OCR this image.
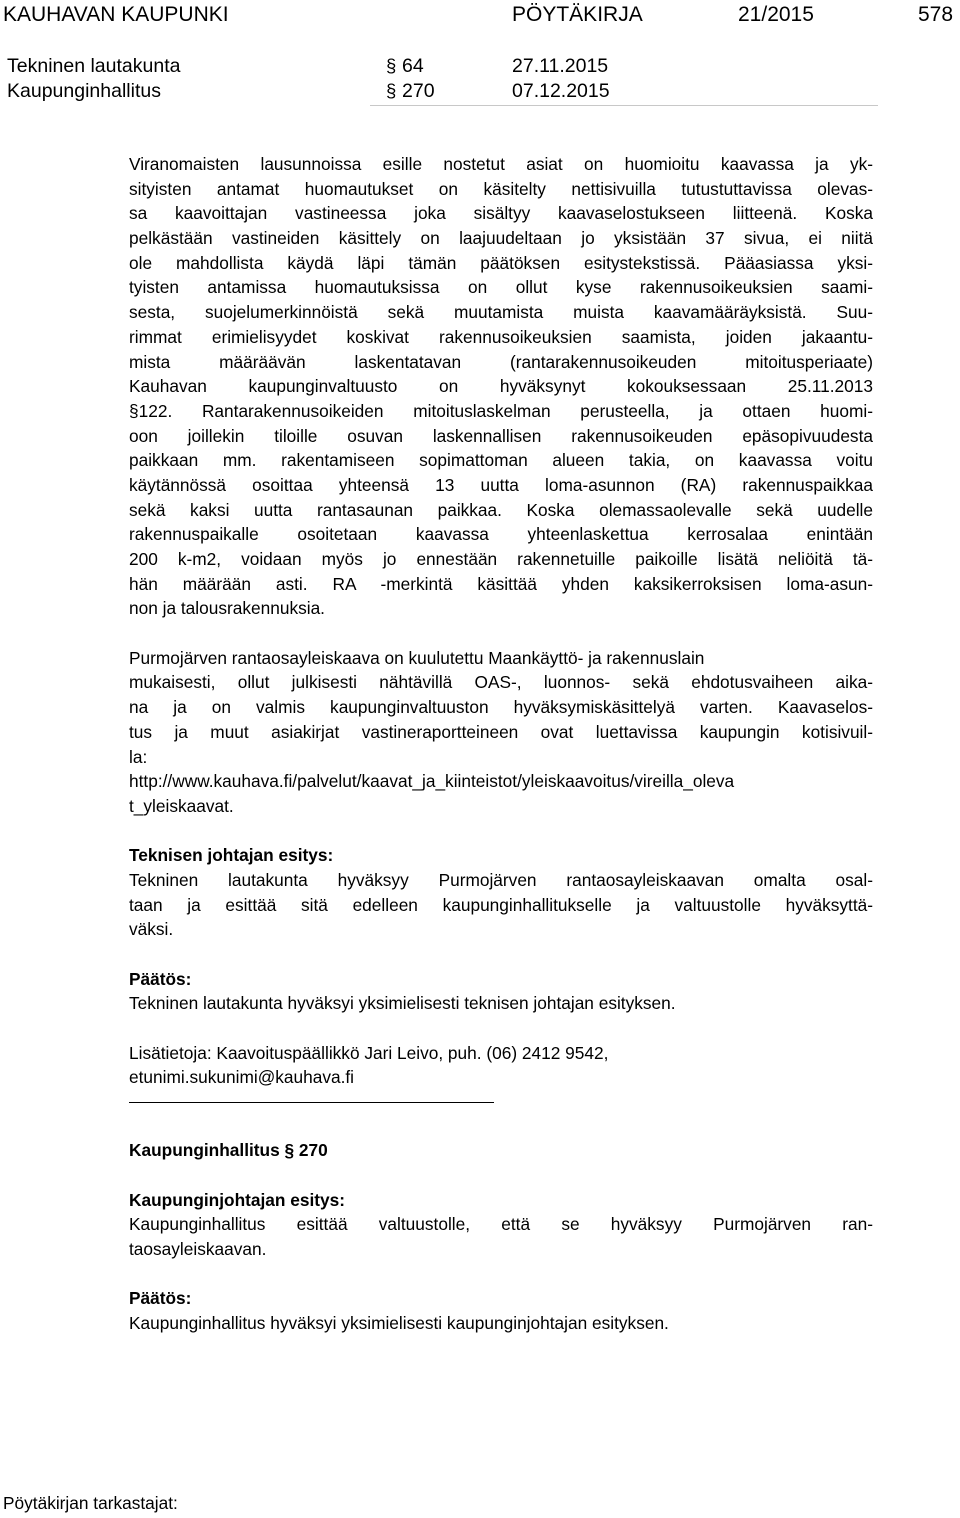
KAUHAVAN KAUPUNKI	PÖYTÄKIRJA	21/2015	578
Tekninen lautakunta	§ 64	27.11.2015
Kaupunginhallitus	§ 270	07.12.2015
Viranomaisten lausunnoissa esille nostetut asiat on huomioitu kaavassa ja yk-
sityisten antamat huomautukset on käsitelty nettisivuilla tutustuttavissa olevas-
sa kaavoittajan vastineessa joka sisältyy kaavaselostukseen liitteenä. Koska
pelkästään vastineiden käsittely on laajuudeltaan jo yksistään 37 sivua, ei niitä
ole mahdollista käydä läpi tämän päätöksen esitystekstissä. Pääasiassa yksi-
tyisten antamissa huomautuksissa on ollut kyse rakennusoikeuksien saami-
sesta, suojelumerkinnöistä sekä muutamista muista kaavamääräyksistä. Suu-
rimmat erimielisyydet koskivat rakennusoikeuksien saamista, joiden jakaantu-
mista määräävän laskentatavan (rantarakennusoikeuden mitoitusperiaate)
Kauhavan kaupunginvaltuusto on hyväksynyt kokouksessaan 25.11.2013
§122. Rantarakennusoikeiden mitoituslaskelman perusteella, ja ottaen huomi-
oon joillekin tiloille osuvan laskennallisen rakennusoikeuden epäsopivuudesta
paikkaan mm. rakentamiseen sopimattoman alueen takia, on kaavassa voitu
käytännössä osoittaa yhteensä 13 uutta loma-asunnon (RA) rakennuspaikkaa
sekä kaksi uutta rantasaunan paikkaa. Koska olemassaolevalle sekä uudelle
rakennuspaikalle osoitetaan kaavassa yhteenlaskettua kerrosalaa enintään
200 k-m2, voidaan myös jo ennestään rakennetuille paikoille lisätä neliöitä tä-
hän määrään asti. RA -merkintä käsittää yhden kaksikerroksisen loma-asun-
non ja talousrakennuksia.
Purmojärven rantaosayleiskaava on kuulutettu Maankäyttö- ja rakennuslain
mukaisesti, ollut julkisesti nähtävillä OAS-, luonnos- sekä ehdotusvaiheen aika-
na ja on valmis kaupunginvaltuuston hyväksymiskäsittelyä varten. Kaavaselos-
tus ja muut asiakirjat vastineraportteineen ovat luettavissa kaupungin kotisivuil-
la:
http://www.kauhava.fi/palvelut/kaavat_ja_kiinteistot/yleiskaavoitus/vireilla_oleva
t_yleiskaavat.
Teknisen johtajan esitys:
Tekninen lautakunta hyväksyy Purmojärven rantaosayleiskaavan omalta osal-
taan ja esittää sitä edelleen kaupunginhallitukselle ja valtuustolle hyväksyttä-
väksi.
Päätös:
Tekninen lautakunta hyväksyi yksimielisesti teknisen johtajan esityksen.
Lisätietoja: Kaavoituspäällikkö Jari Leivo, puh. (06) 2412 9542,
etunimi.sukunimi@kauhava.fi
Kaupunginhallitus § 270
Kaupunginjohtajan esitys:
Kaupunginhallitus esittää valtuustolle, että se hyväksyy Purmojärven ran-
taosayleiskaavan.
Päätös:
Kaupunginhallitus hyväksyi yksimielisesti kaupunginjohtajan esityksen.
Pöytäkirjan tarkastajat:
